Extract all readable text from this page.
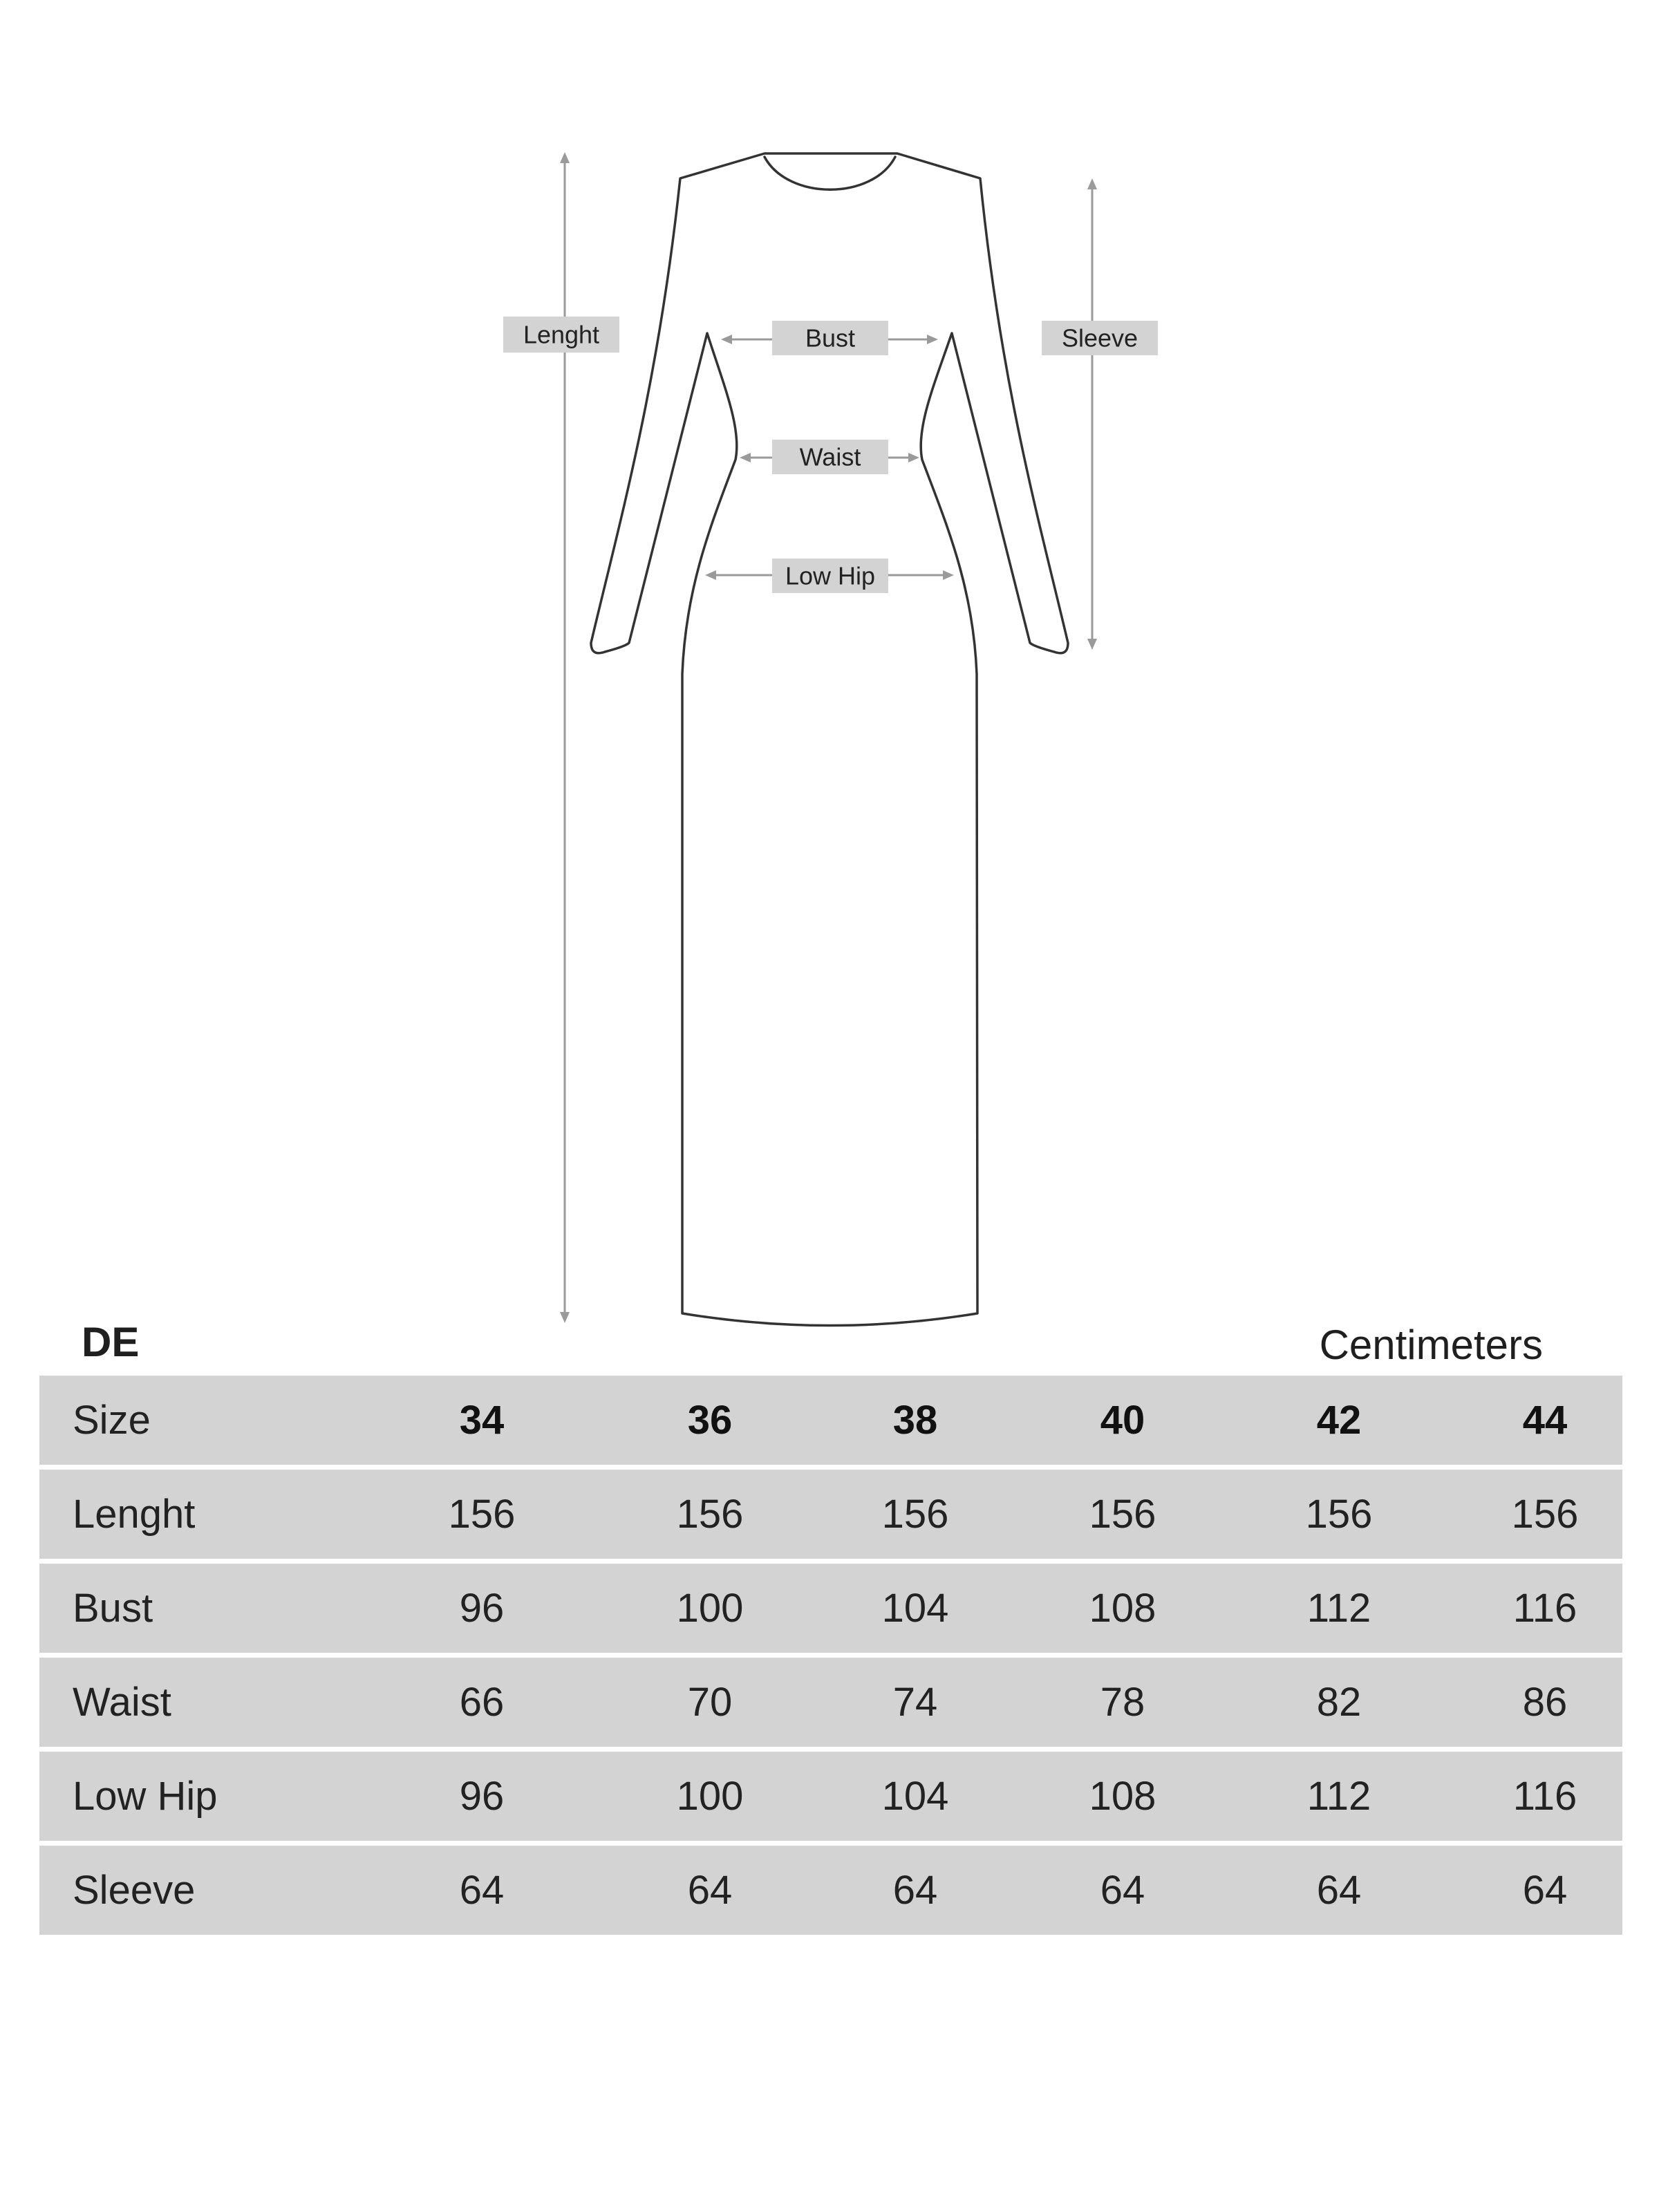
Lenght	Bust	Sleeve
Waist
Low Hip
DE	Centimeters
Size	34	36	38	40	42	44
Lenght	156	156	156	156	156	156
Bust	96	100	104	108	112	116
Waist	66	70	74	78	82	86
Low Hip	96	100	104	108	112	116
Sleeve	64	64	64	64	64	64
